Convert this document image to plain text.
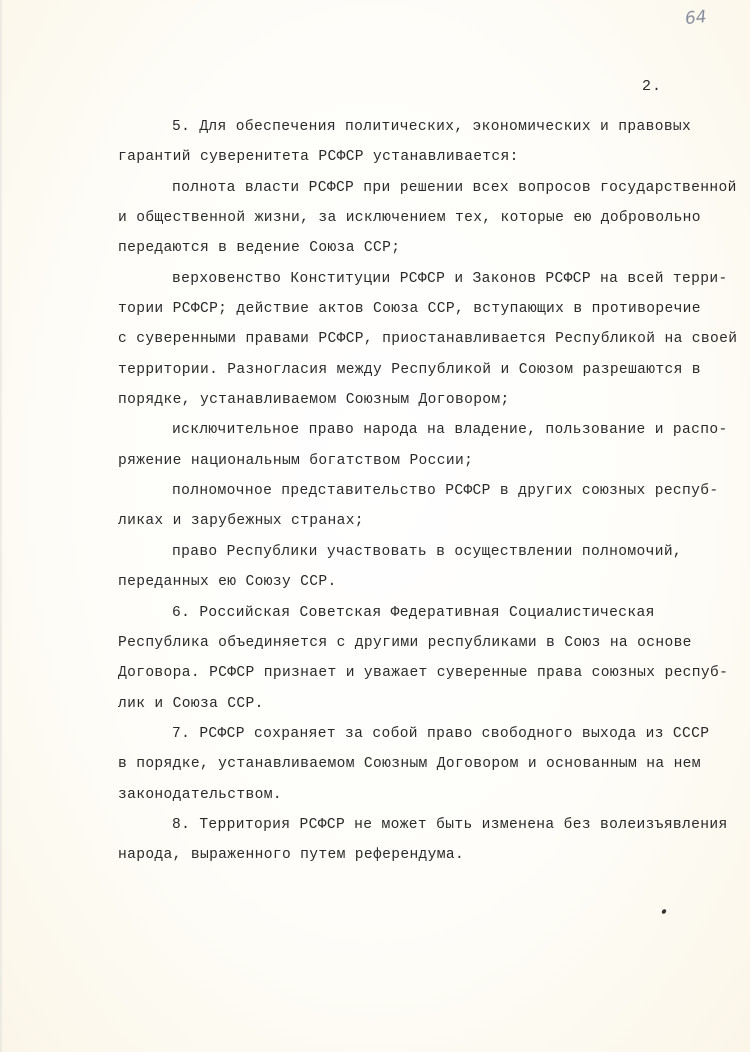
64
2.
5. Для обеспечения политических, экономических и правовых
гарантий суверенитета РСФСР устанавливается:
полнота власти РСФСР при решении всех вопросов государственной
и общественной жизни, за исключением тех, которые ею добровольно
передаются в ведение Союза ССР;
верховенство Конституции РСФСР и Законов РСФСР на всей терри-
тории РСФСР; действие актов Союза ССР, вступающих в противоречие
с суверенными правами РСФСР, приостанавливается Республикой на своей
территории. Разногласия между Республикой и Союзом разрешаются в
порядке, устанавливаемом Союзным Договором;
исключительное право народа на владение, пользование и распо-
ряжение национальным богатством России;
полномочное представительство РСФСР в других союзных респуб-
ликах и зарубежных странах;
право Республики участвовать в осуществлении полномочий,
переданных ею Союзу ССР.
6. Российская Советская Федеративная Социалистическая
Республика объединяется с другими республиками в Союз на основе
Договора. РСФСР признает и уважает суверенные права союзных респуб-
лик и Союза ССР.
7. РСФСР сохраняет за собой право свободного выхода из СССР
в порядке, устанавливаемом Союзным Договором и основанным на нем
законодательством.
8. Территория РСФСР не может быть изменена без волеизъявления
народа, выраженного путем референдума.
